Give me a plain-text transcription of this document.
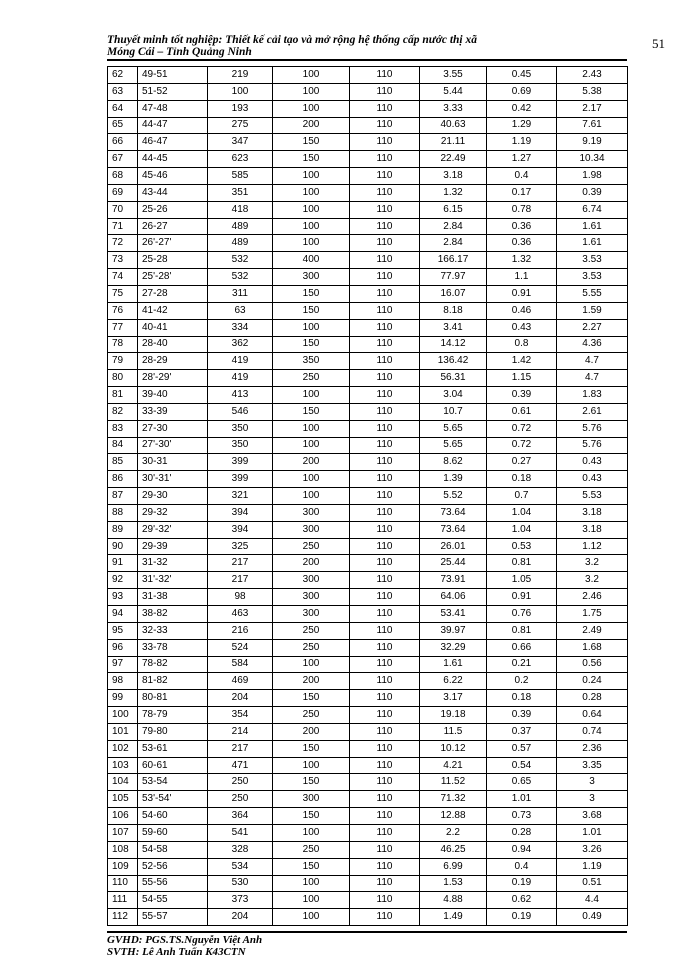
Thuyết minh tốt nghiệp: Thiết kế cải tạo và mở rộng hệ thống cấp nước thị xã
Móng Cái – Tỉnh Quảng Ninh
51
62	49-51	219	100	110	3.55	0.45	2.43
63	51-52	100	100	110	5.44	0.69	5.38
64	47-48	193	100	110	3.33	0.42	2.17
65	44-47	275	200	110	40.63	1.29	7.61
66	46-47	347	150	110	21.11	1.19	9.19
67	44-45	623	150	110	22.49	1.27	10.34
68	45-46	585	100	110	3.18	0.4	1.98
69	43-44	351	100	110	1.32	0.17	0.39
70	25-26	418	100	110	6.15	0.78	6.74
71	26-27	489	100	110	2.84	0.36	1.61
72	26'-27'	489	100	110	2.84	0.36	1.61
73	25-28	532	400	110	166.17	1.32	3.53
74	25'-28'	532	300	110	77.97	1.1	3.53
75	27-28	311	150	110	16.07	0.91	5.55
76	41-42	63	150	110	8.18	0.46	1.59
77	40-41	334	100	110	3.41	0.43	2.27
78	28-40	362	150	110	14.12	0.8	4.36
79	28-29	419	350	110	136.42	1.42	4.7
80	28'-29'	419	250	110	56.31	1.15	4.7
81	39-40	413	100	110	3.04	0.39	1.83
82	33-39	546	150	110	10.7	0.61	2.61
83	27-30	350	100	110	5.65	0.72	5.76
84	27'-30'	350	100	110	5.65	0.72	5.76
85	30-31	399	200	110	8.62	0.27	0.43
86	30'-31'	399	100	110	1.39	0.18	0.43
87	29-30	321	100	110	5.52	0.7	5.53
88	29-32	394	300	110	73.64	1.04	3.18
89	29'-32'	394	300	110	73.64	1.04	3.18
90	29-39	325	250	110	26.01	0.53	1.12
91	31-32	217	200	110	25.44	0.81	3.2
92	31'-32'	217	300	110	73.91	1.05	3.2
93	31-38	98	300	110	64.06	0.91	2.46
94	38-82	463	300	110	53.41	0.76	1.75
95	32-33	216	250	110	39.97	0.81	2.49
96	33-78	524	250	110	32.29	0.66	1.68
97	78-82	584	100	110	1.61	0.21	0.56
98	81-82	469	200	110	6.22	0.2	0.24
99	80-81	204	150	110	3.17	0.18	0.28
100	78-79	354	250	110	19.18	0.39	0.64
101	79-80	214	200	110	11.5	0.37	0.74
102	53-61	217	150	110	10.12	0.57	2.36
103	60-61	471	100	110	4.21	0.54	3.35
104	53-54	250	150	110	11.52	0.65	3
105	53'-54'	250	300	110	71.32	1.01	3
106	54-60	364	150	110	12.88	0.73	3.68
107	59-60	541	100	110	2.2	0.28	1.01
108	54-58	328	250	110	46.25	0.94	3.26
109	52-56	534	150	110	6.99	0.4	1.19
110	55-56	530	100	110	1.53	0.19	0.51
111	54-55	373	100	110	4.88	0.62	4.4
112	55-57	204	100	110	1.49	0.19	0.49
GVHD: PGS.TS.Nguyễn Việt Anh
SVTH: Lê Anh Tuấn K43CTN
